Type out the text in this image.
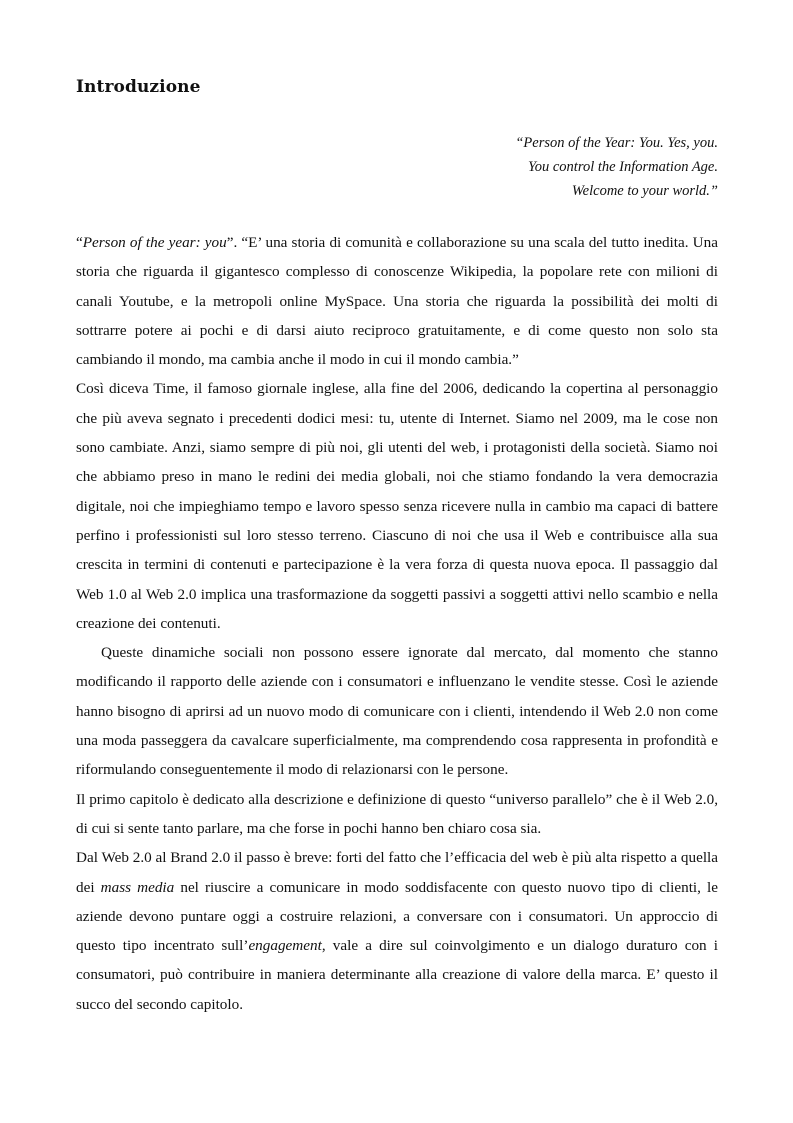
Introduzione
“Person of the Year: You. Yes, you.
You control the Information Age.
Welcome to your world.”

“Person of the year: you”. “E’ una storia di comunità e collaborazione su una scala del tutto inedita. Una storia che riguarda il gigantesco complesso di conoscenze Wikipedia, la popolare rete con milioni di canali Youtube, e la metropoli online MySpace. Una storia che riguarda la possibilità dei molti di sottrarre potere ai pochi e di darsi aiuto reciproco gratuitamente, e di come questo non solo sta cambiando il mondo, ma cambia anche il modo in cui il mondo cambia.”

Così diceva Time, il famoso giornale inglese, alla fine del 2006, dedicando la copertina al personaggio che più aveva segnato i precedenti dodici mesi: tu, utente di Internet. Siamo nel 2009, ma le cose non sono cambiate. Anzi, siamo sempre di più noi, gli utenti del web, i protagonisti della società. Siamo noi che abbiamo preso in mano le redini dei media globali, noi che stiamo fondando la vera democrazia digitale, noi che impieghiamo tempo e lavoro spesso senza ricevere nulla in cambio ma capaci di battere perfino i professionisti sul loro stesso terreno. Ciascuno di noi che usa il Web e contribuisce alla sua crescita in termini di contenuti e partecipazione è la vera forza di questa nuova epoca. Il passaggio dal Web 1.0 al Web 2.0 implica una trasformazione da soggetti passivi a soggetti attivi nello scambio e nella creazione dei contenuti.

Queste dinamiche sociali non possono essere ignorate dal mercato, dal momento che stanno modificando il rapporto delle aziende con i consumatori e influenzano le vendite stesse. Così le aziende hanno bisogno di aprirsi ad un nuovo modo di comunicare con i clienti, intendendo il Web 2.0 non come una moda passeggera da cavalcare superficialmente, ma comprendendo cosa rappresenta in profondità e riformulando conseguentemente il modo di relazionarsi con le persone.

Il primo capitolo è dedicato alla descrizione e definizione di questo “universo parallelo” che è il Web 2.0, di cui si sente tanto parlare, ma che forse in pochi hanno ben chiaro cosa sia.

Dal Web 2.0 al Brand 2.0 il passo è breve: forti del fatto che l’efficacia del web è più alta rispetto a quella dei mass media nel riuscire a comunicare in modo soddisfacente con questo nuovo tipo di clienti, le aziende devono puntare oggi a costruire relazioni, a conversare con i consumatori. Un approccio di questo tipo incentrato sull’engagement, vale a dire sul coinvolgimento e un dialogo duraturo con i consumatori, può contribuire in maniera determinante alla creazione di valore della marca. E’ questo il succo del secondo capitolo.
